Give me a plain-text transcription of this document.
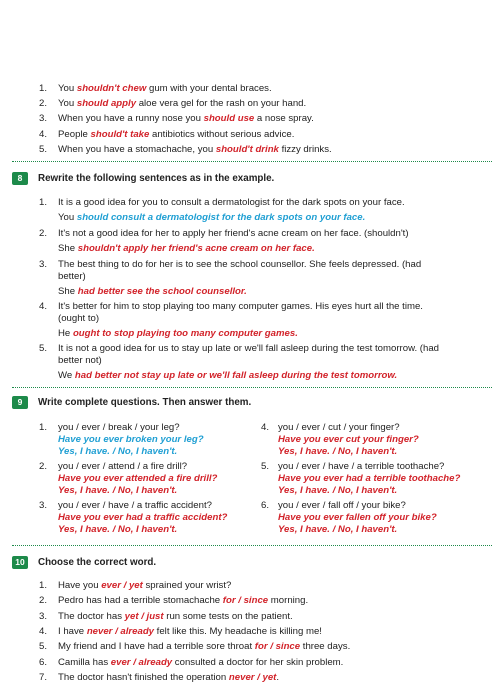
1. You shouldn't chew gum with your dental braces.
2. You should apply aloe vera gel for the rash on your hand.
3. When you have a runny nose you should use a nose spray.
4. People should't take antibiotics without serious advice.
5. When you have a stomachache, you should't drink fizzy drinks.
8	Rewrite the following sentences as in the example.
1. It is a good idea for you to consult a dermatologist for the dark spots on your face.
You should consult a dermatologist for the dark spots on your face.
2. It's not a good idea for her to apply her friend's acne cream on her face. (shouldn't)
She shouldn't apply her friend's acne cream on her face.
3. The best thing to do for her is to see the school counsellor. She feels depressed. (had
better)
She had better see the school counsellor.
4. It's better for him to stop playing too many computer games. His eyes hurt all the time.
(ought to)
He ought to stop playing too many computer games.
5. It is not a good idea for us to stay up late or we'll fall asleep during the test tomorrow. (had
better not)
We had better not stay up late or we'll fall asleep during the test tomorrow.
9	Write complete questions. Then answer them.
1. you / ever / break / your leg?
Have you ever broken your leg?
Yes, I have. / No, I haven't.
2. you / ever / attend / a fire drill?
Have you ever attended a fire drill?
Yes, I have. / No, I haven't.
3. you / ever / have / a traffic accident?
Have you ever had a traffic accident?
Yes, I have. / No, I haven't.
4. you / ever / cut / your finger?
Have you ever cut your finger?
Yes, I have. / No, I haven't.
5. you / ever / have / a terrible toothache?
Have you ever had a terrible toothache?
Yes, I have. / No, I haven't.
6. you / ever / fall off / your bike?
Have you ever fallen off your bike?
Yes, I have. / No, I haven't.
10	Choose the correct word.
1. Have you ever / yet sprained your wrist?
2. Pedro has had a terrible stomachache for / since morning.
3. The doctor has yet / just run some tests on the patient.
4. I have never / already felt like this. My headache is killing me!
5. My friend and I have had a terrible sore throat for / since three days.
6. Camilla has ever / already consulted a doctor for her skin problem.
7. The doctor hasn't finished the operation never / yet.
